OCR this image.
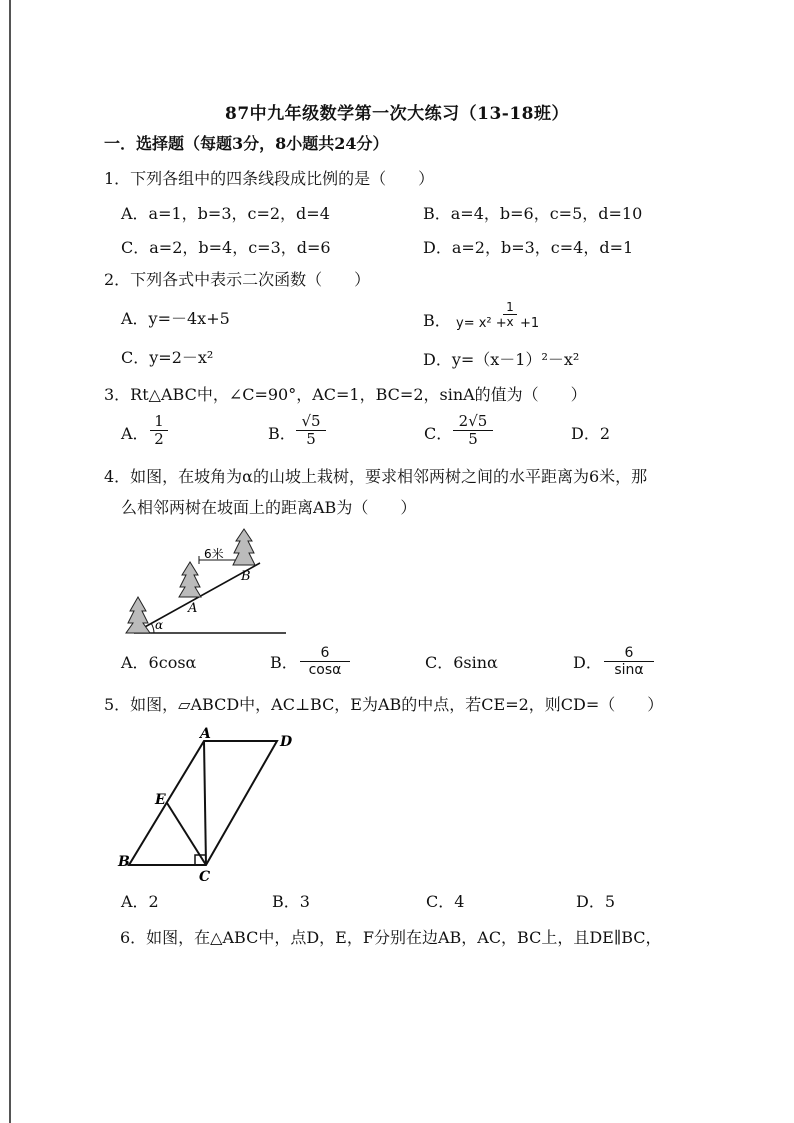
87中九年级数学第一次大练习（13-18班）
一．选择题（每题3分，8小题共24分）
1．下列各组中的四条线段成比例的是（　　）
A．a=1，b=3，c=2，d=4	B．a=4，b=6，c=5，d=10
C．a=2，b=4，c=3，d=6	D．a=2，b=3，c=4，d=1
2．下列各式中表示二次函数（　　）
A．y=－4x+5	B． y= x² +
$\frac{1}{x} +1$
C．y=2－x²	D．y=（x－1）²－x²
3．Rt△ABC中，∠C=90°，AC=1，BC=2，sinA的值为（　　）
A． $\frac{1}{2}$	B． $\frac{√5}{5}$	C． $\frac{2√5}{5}$	D．2
4．如图，在坡角为α的山坡上栽树，要求相邻两树之间的水平距离为6米，那
么相邻两树在坡面上的距离AB为（　　）
6米
A
B
α
A．6cosα	B． $\frac{6}{\cos\alpha}$	C．6sinα	D． $\frac{6}{\sin\alpha}$
5．如图，▱ABCD中，AC⊥BC，E为AB的中点，若CE=2，则CD=（　　）
A	D
E
B
C
A．2	B．3	C．4	D．5
6．如图，在△ABC中，点D，E，F分别在边AB，AC，BC上，且DE∥BC，
